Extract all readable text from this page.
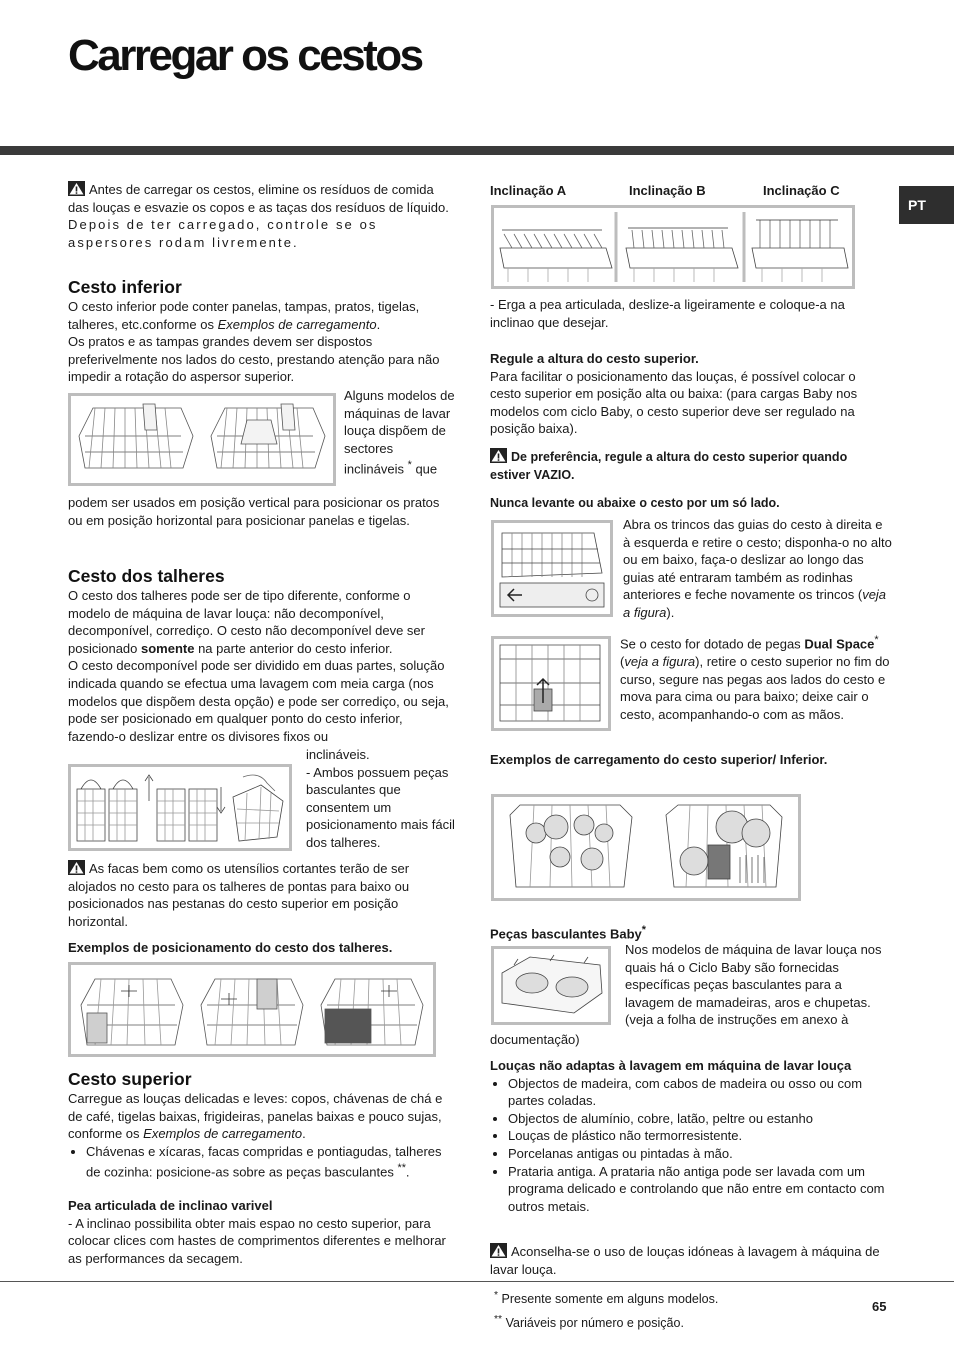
Carregar os cestos
PT

Antes de carregar os cestos, elimine os resíduos de comida das louças e esvazie os copos e as taças dos resíduos de líquido.

Depois de ter carregado, controle se os aspersores rodam livremente.

Cesto inferior

O cesto inferior pode conter panelas, tampas, pratos, tigelas, talheres, etc.conforme os Exemplos de carregamento.

Os pratos e as tampas grandes devem ser dispostos preferivelmente nos lados do cesto, prestando atenção para não impedir a rotação do aspersor superior.

Alguns modelos de máquinas de lavar louça dispõem de sectores inclináveis * que

podem ser usados em posição vertical para posicionar os pratos ou em posição horizontal para posicionar panelas e tigelas.

Cesto dos talheres

O cesto dos talheres pode ser de tipo diferente, conforme o modelo de máquina de lavar louça: não decomponível, decomponível, corrediço. O cesto não decomponível deve ser posicionado somente na parte anterior do cesto inferior.

O cesto decomponível pode ser dividido em duas partes, solução indicada quando se efectua uma lavagem com meia carga (nos modelos que dispõem desta opção) e pode ser corrediço, ou seja, pode ser posicionado em qualquer ponto do cesto inferior, fazendo-o deslizar entre os divisores fixos ou

inclináveis.
- Ambos possuem peças basculantes que consentem um posicionamento mais fácil dos talheres.

As facas bem como os utensílios cortantes terão de ser alojados no cesto para os talheres de pontas para baixo ou posicionados nas pestanas do cesto superior em posição horizontal.

Exemplos de posicionamento do cesto dos talheres.
Cesto superior

Carregue as louças delicadas e leves: copos, chávenas de chá e de café, tigelas baixas, frigideiras, panelas baixas e pouco sujas, conforme os Exemplos de carregamento.

• Chávenas e xícaras, facas compridas e pontiagudas, talheres de cozinha: posicione-as sobre as peças basculantes **.

Pea articulada de inclinao varivel

- A inclinao possibilita obter mais espao no cesto superior, para colocar clices com hastes de comprimentos diferentes e melhorar as performances da secagem.

Inclinação A	Inclinação B	Inclinação C
- Erga a pea articulada, deslize-a ligeiramente e coloque-a na inclinao que desejar.

Regule a altura do cesto superior.

Para facilitar o posicionamento das louças, é possível colocar o cesto superior em posição alta ou baixa: (para cargas Baby nos modelos com ciclo Baby, o cesto superior deve ser regulado na posição baixa).

De preferência, regule a altura do cesto superior quando estiver VAZIO.

Nunca levante ou abaixe o cesto por um só lado.

Abra os trincos das guias do cesto à direita e à esquerda e retire o cesto; disponha-o no alto ou em baixo, faça-o deslizar ao longo das guias até entraram também as rodinhas anteriores e feche novamente os trincos (veja a figura).

Se o cesto for dotado de pegas Dual Space* (veja a figura), retire o cesto superior no fim do curso, segure nas pegas aos lados do cesto e mova para cima ou para baixo; deixe cair o cesto, acompanhando-o com as mãos.

Exemplos de carregamento do cesto superior/ Inferior.
Peças basculantes Baby*
Nos modelos de máquina de lavar louça nos quais há o Ciclo Baby são fornecidas específicas peças basculantes para a lavagem de mamadeiras, aros e chupetas. (veja a folha de instruções em anexo à
documentação)

Louças não adaptas à lavagem em máquina de lavar louça

• Objectos de madeira, com cabos de madeira ou osso ou com partes coladas.
• Objectos de alumínio, cobre, latão, peltre ou estanho
• Louças de plástico não termorresistente.
• Porcelanas antigas ou pintadas à mão.
• Prataria antiga. A prataria não antiga pode ser lavada com um programa delicado e controlando que não entre em contacto com outros metais.

Aconselha-se o uso de louças idóneas à lavagem à máquina de lavar louça.

* Presente somente em alguns modelos.

** Variáveis por número e posição.

65
